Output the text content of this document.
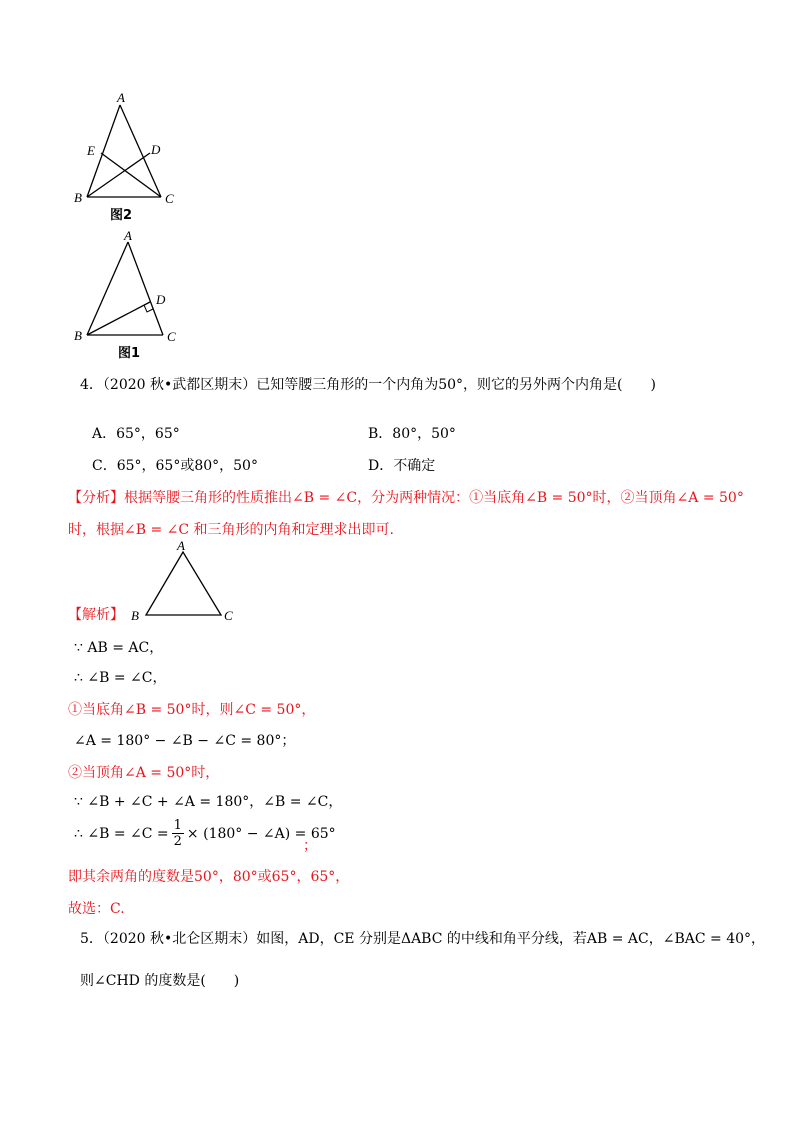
A
E	D
B	C
图2
A
D
B	C
图1
4．（2020 秋•武都区期末）已知等腰三角形的一个内角为50°，则它的另外两个内角是(　　)
A．65°，65°	B．80°，50°
C．65°，65°或80°，50°	D．不确定
【分析】根据等腰三角形的性质推出∠B = ∠C，分为两种情况：①当底角∠B = 50°时，②当顶角∠A = 50°
时，根据∠B = ∠C 和三角形的内角和定理求出即可.
A
B	C
【解析】
∵ AB = AC，
∴ ∠B = ∠C，
①当底角∠B = 50°时，则∠C = 50°，
∠A = 180° − ∠B − ∠C = 80°；
②当顶角∠A = 50°时，
∵ ∠B + ∠C + ∠A = 180°，∠B = ∠C，
∴ ∠B = ∠C = $\frac{1}{2} \times (180^\circ$ − ∠A) = 65°
；
即其余两角的度数是50°，80°或65°，65°，
故选：C.
5．（2020 秋•北仑区期末）如图，AD，CE 分别是ΔABC 的中线和角平分线，若AB = AC，∠BAC = 40°，
则∠CHD 的度数是(　　)
